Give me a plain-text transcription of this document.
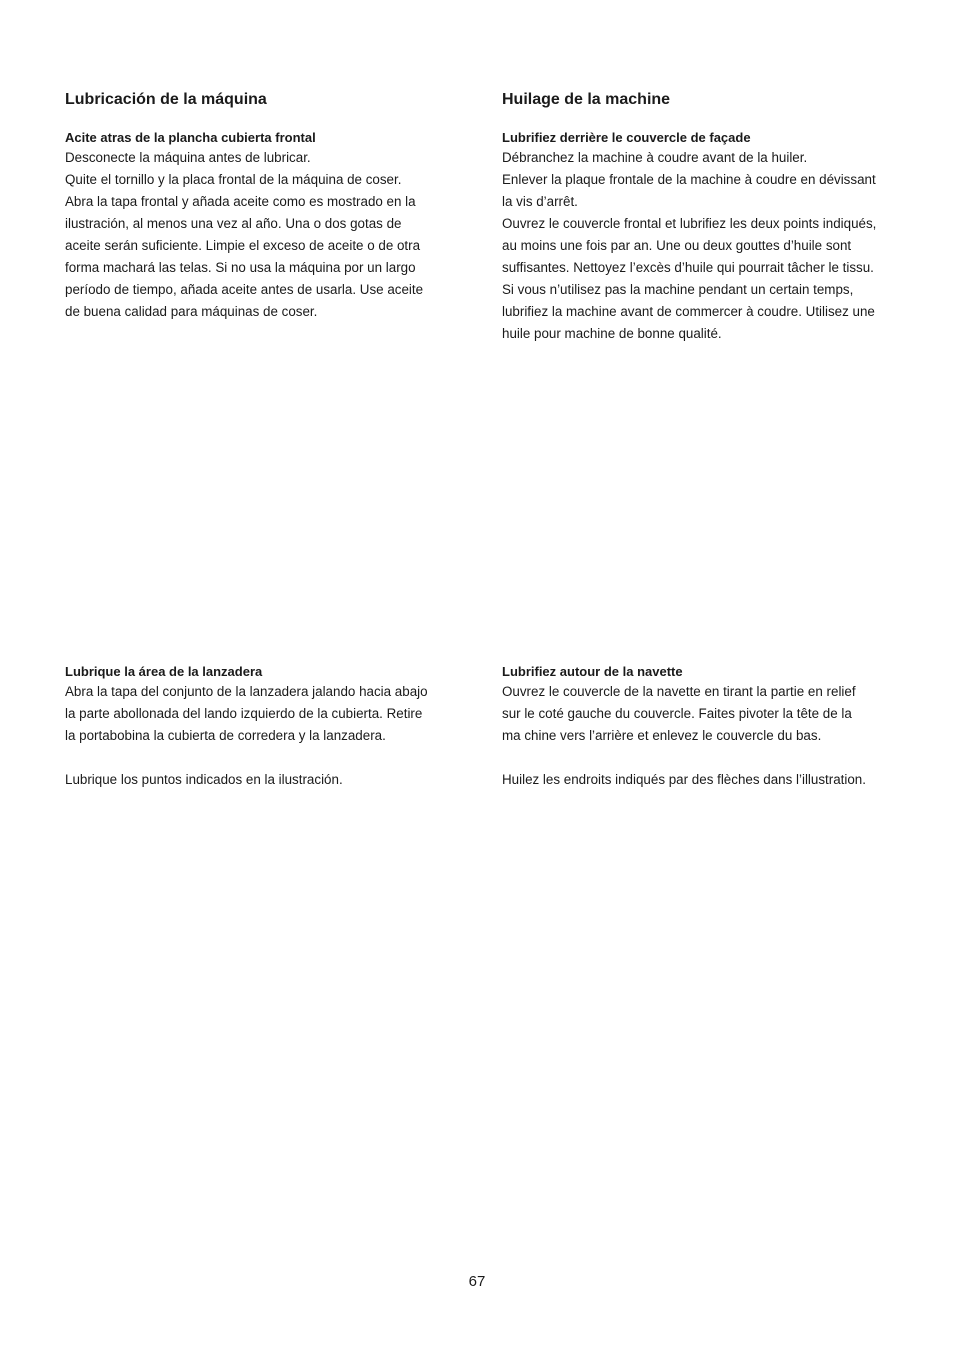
Lubricación de la máquina
Acite atras de la plancha cubierta frontal

Desconecte la máquina antes de lubricar.
Quite el tornillo y la placa frontal de la máquina de coser.
Abra la tapa frontal y añada aceite como es mostrado en la
ilustración, al menos una vez al año. Una o dos gotas de
aceite serán suficiente. Limpie el exceso de aceite o de otra
forma machará las telas. Si no usa la máquina por un largo
período de tiempo, añada aceite antes de usarla. Use aceite
de buena calidad para máquinas de coser.

Huilage de la machine
Lubrifiez derrière le couvercle de façade

Débranchez la machine à coudre avant de la huiler.
Enlever la plaque frontale de la machine à coudre en dévissant
la vis d’arrêt.
Ouvrez le couvercle frontal et lubrifiez les deux points indiqués,
au moins une fois par an. Une ou deux gouttes d’huile sont
suffisantes. Nettoyez l’excès d’huile qui pourrait tâcher le tissu.
Si vous n’utilisez pas la machine pendant un certain temps,
lubrifiez la machine avant de commercer à coudre. Utilisez une
huile pour machine de bonne qualité.

Lubrique la área de la lanzadera

Abra la tapa del conjunto de la lanzadera jalando hacia abajo
la parte abollonada del lando izquierdo de la cubierta. Retire
la portabobina la cubierta de corredera y la lanzadera.
Lubrique los puntos indicados en la ilustración.

Lubrifiez autour de la navette

Ouvrez le couvercle de la navette en tirant la partie en relief
sur le coté gauche du couvercle. Faites pivoter la tête de la
ma chine vers l’arrière et enlevez le couvercle du bas.
Huilez les endroits indiqués par des flèches dans l’illustration.

67
